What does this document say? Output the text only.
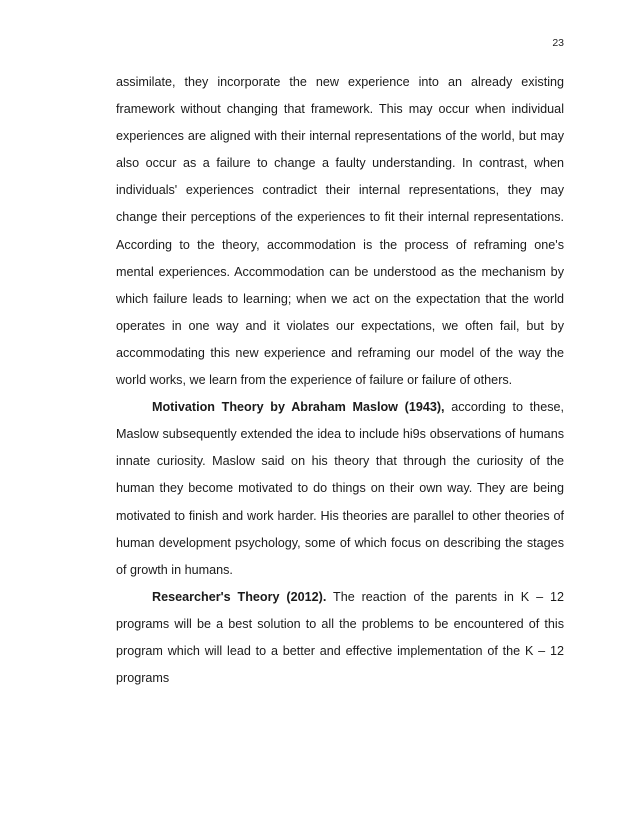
23

assimilate, they incorporate the new experience into an already existing framework without changing that framework. This may occur when individual experiences are aligned with their internal representations of the world, but may also occur as a failure to change a faulty understanding. In contrast, when individuals' experiences contradict their internal representations, they may change their perceptions of the experiences to fit their internal representations. According to the theory, accommodation is the process of reframing one's mental experiences. Accommodation can be understood as the mechanism by which failure leads to learning; when we act on the expectation that the world operates in one way and it violates our expectations, we often fail, but by accommodating this new experience and reframing our model of the way the world works, we learn from the experience of failure or failure of others.

Motivation Theory by Abraham Maslow (1943), according to these, Maslow subsequently extended the idea to include hi9s observations of humans innate curiosity. Maslow said on his theory that through the curiosity of the human they become motivated to do things on their own way. They are being motivated to finish and work harder. His theories are parallel to other theories of human development psychology, some of which focus on describing the stages of growth in humans.

Researcher's Theory (2012). The reaction of the parents in K – 12 programs will be a best solution to all the problems to be encountered of this program which will lead to a better and effective implementation of the K – 12 programs
